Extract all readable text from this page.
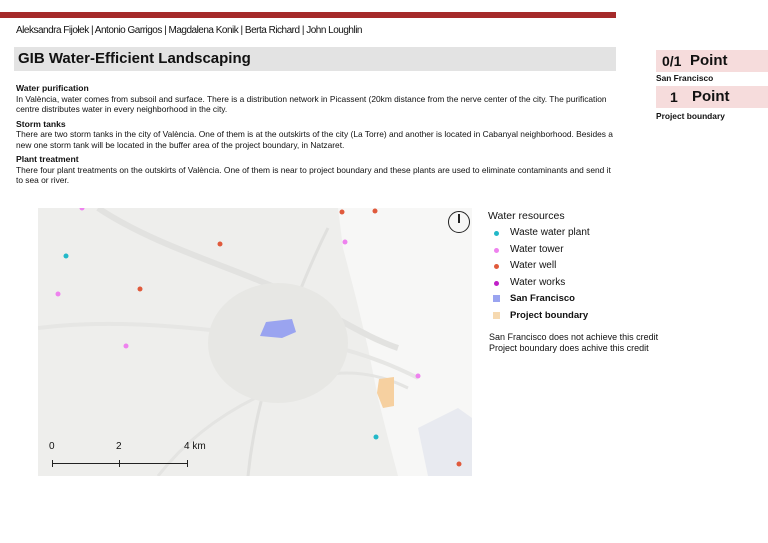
Aleksandra Fijołek | Antonio Garrigos | Magdalena Konik | Berta Richard | John Loughlin
GIB Water-Efficient Landscaping
Water purification

In València, water comes from subsoil and surface. There is a distribution network in Picassent (20km distance from the nerve center of the city. The purification centre distributes water in every neighborhood in the city.

Storm tanks

There are two storm tanks in the city of València. One of them is at the outskirts of the city (La Torre) and another is located in Cabanyal neighborhood. Besides a new one storm tank will be located in the buffer area of the project boundary, in Natzaret.

Plant treatment

There four plant treatments on the outskirts of València. One of them is near to project boundary and these plants are used to eliminate contaminants and send it to sea or river.

0/1 Point
San Francisco
1 Point
Project boundary
0	2	4 km
Water resources
Waste water plant
Water tower
Water well
Water works
San Francisco
Project boundary
San Francisco does not achieve this credit
Project boundary does achive this credit
